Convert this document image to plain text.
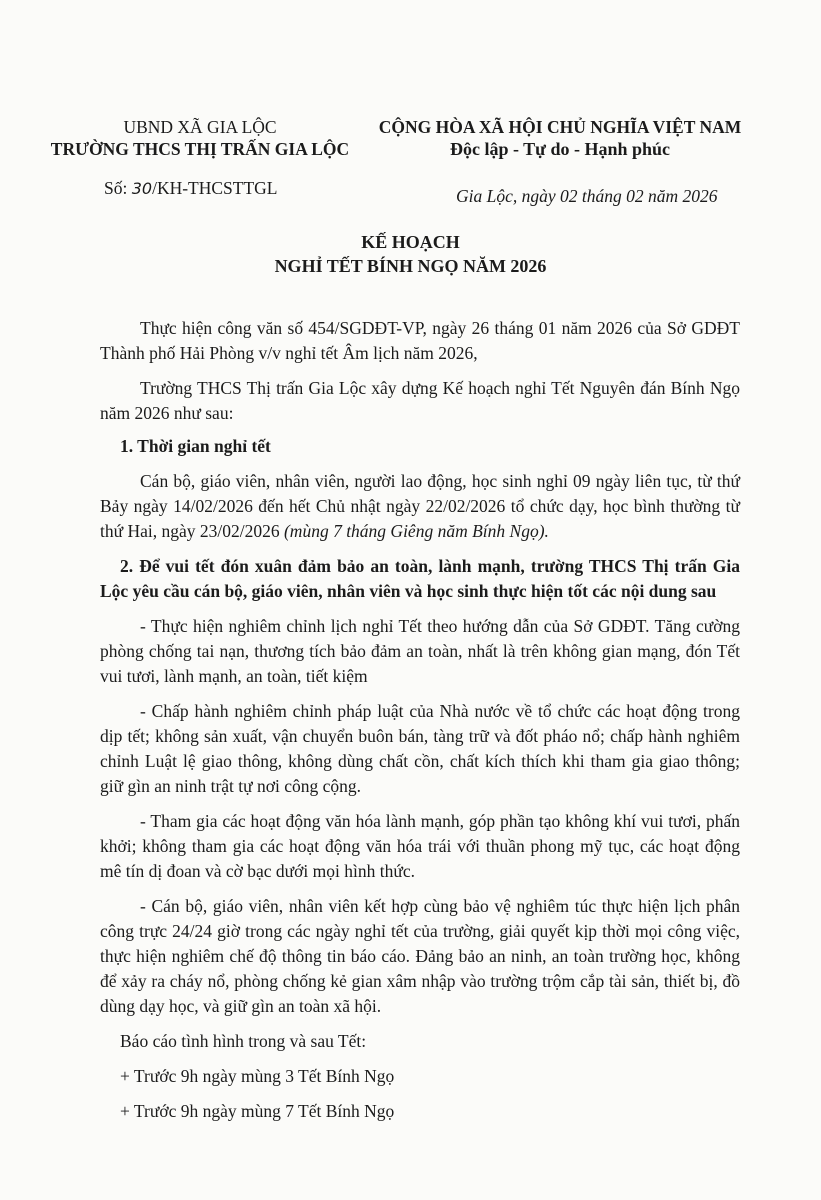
UBND XÃ GIA LỘC
TRƯỜNG THCS THỊ TRẤN GIA LỘC
CỘNG HÒA XÃ HỘI CHỦ NGHĨA VIỆT NAM
Độc lập - Tự do - Hạnh phúc
Số: 30/KH-THCSTTGL	Gia Lộc, ngày 02 tháng 02 năm 2026
KẾ HOẠCH
NGHỈ TẾT BÍNH NGỌ NĂM 2026

Thực hiện công văn số 454/SGDĐT-VP, ngày 26 tháng 01 năm 2026 của Sở GDĐT Thành phố Hải Phòng v/v nghỉ tết Âm lịch năm 2026,

Trường THCS Thị trấn Gia Lộc xây dựng Kế hoạch nghỉ Tết Nguyên đán Bính Ngọ năm 2026 như sau:

1. Thời gian nghỉ tết

Cán bộ, giáo viên, nhân viên, người lao động, học sinh nghỉ 09 ngày liên tục, từ thứ Bảy ngày 14/02/2026 đến hết Chủ nhật ngày 22/02/2026 tổ chức dạy, học bình thường từ thứ Hai, ngày 23/02/2026 (mùng 7 tháng Giêng năm Bính Ngọ).

2. Để vui tết đón xuân đảm bảo an toàn, lành mạnh, trường THCS Thị trấn Gia Lộc yêu cầu cán bộ, giáo viên, nhân viên và học sinh thực hiện tốt các nội dung sau

- Thực hiện nghiêm chỉnh lịch nghỉ Tết theo hướng dẫn của Sở GDĐT. Tăng cường phòng chống tai nạn, thương tích bảo đảm an toàn, nhất là trên không gian mạng, đón Tết vui tươi, lành mạnh, an toàn, tiết kiệm

- Chấp hành nghiêm chỉnh pháp luật của Nhà nước về tổ chức các hoạt động trong dịp tết; không sản xuất, vận chuyển buôn bán, tàng trữ và đốt pháo nổ; chấp hành nghiêm chỉnh Luật lệ giao thông, không dùng chất cồn, chất kích thích khi tham gia giao thông; giữ gìn an ninh trật tự nơi công cộng.

- Tham gia các hoạt động văn hóa lành mạnh, góp phần tạo không khí vui tươi, phấn khởi; không tham gia các hoạt động văn hóa trái với thuần phong mỹ tục, các hoạt động mê tín dị đoan và cờ bạc dưới mọi hình thức.

- Cán bộ, giáo viên, nhân viên kết hợp cùng bảo vệ nghiêm túc thực hiện lịch phân công trực 24/24 giờ trong các ngày nghỉ tết của trường, giải quyết kịp thời mọi công việc, thực hiện nghiêm chế độ thông tin báo cáo. Đảng bảo an ninh, an toàn trường học, không để xảy ra cháy nổ, phòng chống kẻ gian xâm nhập vào trường trộm cắp tài sản, thiết bị, đồ dùng dạy học, và giữ gìn an toàn xã hội.

Báo cáo tình hình trong và sau Tết:

+ Trước 9h ngày mùng 3 Tết Bính Ngọ

+ Trước 9h ngày mùng 7 Tết Bính Ngọ
